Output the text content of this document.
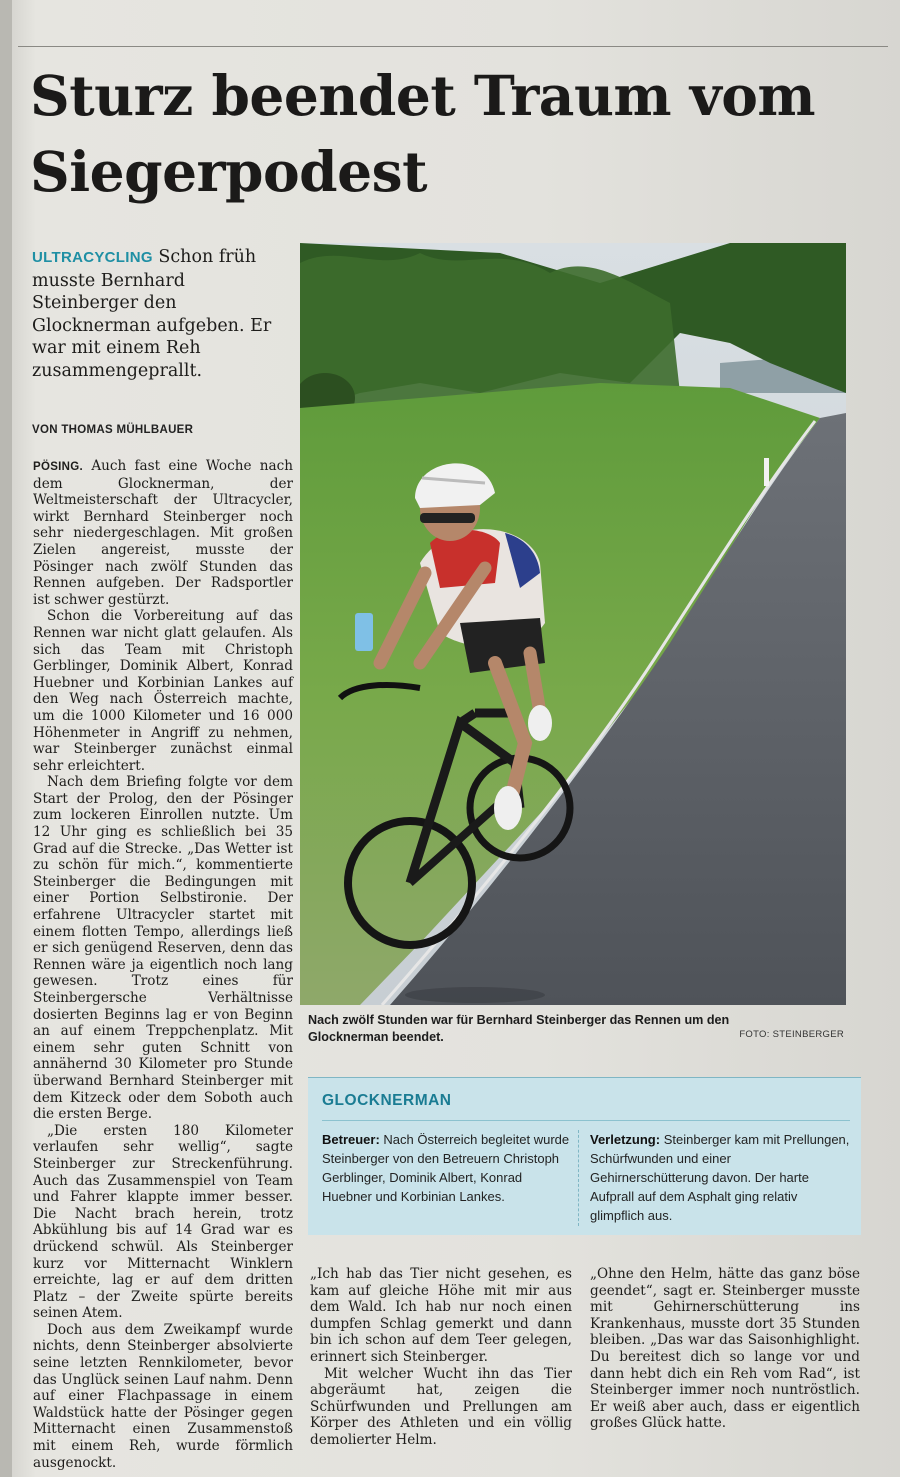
Sturz beendet Traum vom Siegerpodest

ULTRACYCLING Schon früh musste Bernhard Steinberger den Glocknerman aufgeben. Er war mit einem Reh zusammengeprallt.

VON THOMAS MÜHLBAUER

PÖSING. Auch fast eine Woche nach dem Glocknerman, der Weltmeisterschaft der Ultracycler, wirkt Bernhard Steinberger noch sehr niedergeschlagen. Mit großen Zielen angereist, musste der Pösinger nach zwölf Stunden das Rennen aufgeben. Der Radsportler ist schwer gestürzt.

Schon die Vorbereitung auf das Rennen war nicht glatt gelaufen. Als sich das Team mit Christoph Gerblinger, Dominik Albert, Konrad Huebner und Korbinian Lankes auf den Weg nach Österreich machte, um die 1000 Kilometer und 16 000 Höhenmeter in Angriff zu nehmen, war Steinberger zunächst einmal sehr erleichtert.

Nach dem Briefing folgte vor dem Start der Prolog, den der Pösinger zum lockeren Einrollen nutzte. Um 12 Uhr ging es schließlich bei 35 Grad auf die Strecke. „Das Wetter ist zu schön für mich.“, kommentierte Steinberger die Bedingungen mit einer Portion Selbstironie. Der erfahrene Ultracycler startet mit einem flotten Tempo, allerdings ließ er sich genügend Reserven, denn das Rennen wäre ja eigentlich noch lang gewesen. Trotz eines für Steinbergersche Verhältnisse dosierten Beginns lag er von Beginn an auf einem Treppchenplatz. Mit einem sehr guten Schnitt von annähernd 30 Kilometer pro Stunde überwand Bernhard Steinberger mit dem Kitzeck oder dem Soboth auch die ersten Berge.

„Die ersten 180 Kilometer verlaufen sehr wellig“, sagte Steinberger zur Streckenführung. Auch das Zusammenspiel von Team und Fahrer klappte immer besser. Die Nacht brach herein, trotz Abkühlung bis auf 14 Grad war es drückend schwül. Als Steinberger kurz vor Mitternacht Winklern erreichte, lag er auf dem dritten Platz – der Zweite spürte bereits seinen Atem.

Doch aus dem Zweikampf wurde nichts, denn Steinberger absolvierte seine letzten Rennkilometer, bevor das Unglück seinen Lauf nahm. Denn auf einer Flachpassage in einem Waldstück hatte der Pösinger gegen Mitternacht einen Zusammenstoß mit einem Reh, wurde förmlich ausgenockt.

Nach zwölf Stunden war für Bernhard Steinberger das Rennen um den Glocknerman beendet.	FOTO: STEINBERGER
GLOCKNERMAN

Betreuer: Nach Österreich begleitet wurde Steinberger von den Betreuern Christoph Gerblinger, Dominik Albert, Konrad Huebner und Korbinian Lankes.

Verletzung: Steinberger kam mit Prellungen, Schürfwunden und einer Gehirnerschütterung davon. Der harte Aufprall auf dem Asphalt ging relativ glimpflich aus.

„Ich hab das Tier nicht gesehen, es kam auf gleiche Höhe mit mir aus dem Wald. Ich hab nur noch einen dumpfen Schlag gemerkt und dann bin ich schon auf dem Teer gelegen, erinnert sich Steinberger.

Mit welcher Wucht ihn das Tier abgeräumt hat, zeigen die Schürfwunden und Prellungen am Körper des Athleten und ein völlig demolierter Helm.

„Ohne den Helm, hätte das ganz böse geendet“, sagt er. Steinberger musste mit Gehirnerschütterung ins Krankenhaus, musste dort 35 Stunden bleiben. „Das war das Saisonhighlight. Du bereitest dich so lange vor und dann hebt dich ein Reh vom Rad“, ist Steinberger immer noch nuntröstlich. Er weiß aber auch, dass er eigentlich großes Glück hatte.
